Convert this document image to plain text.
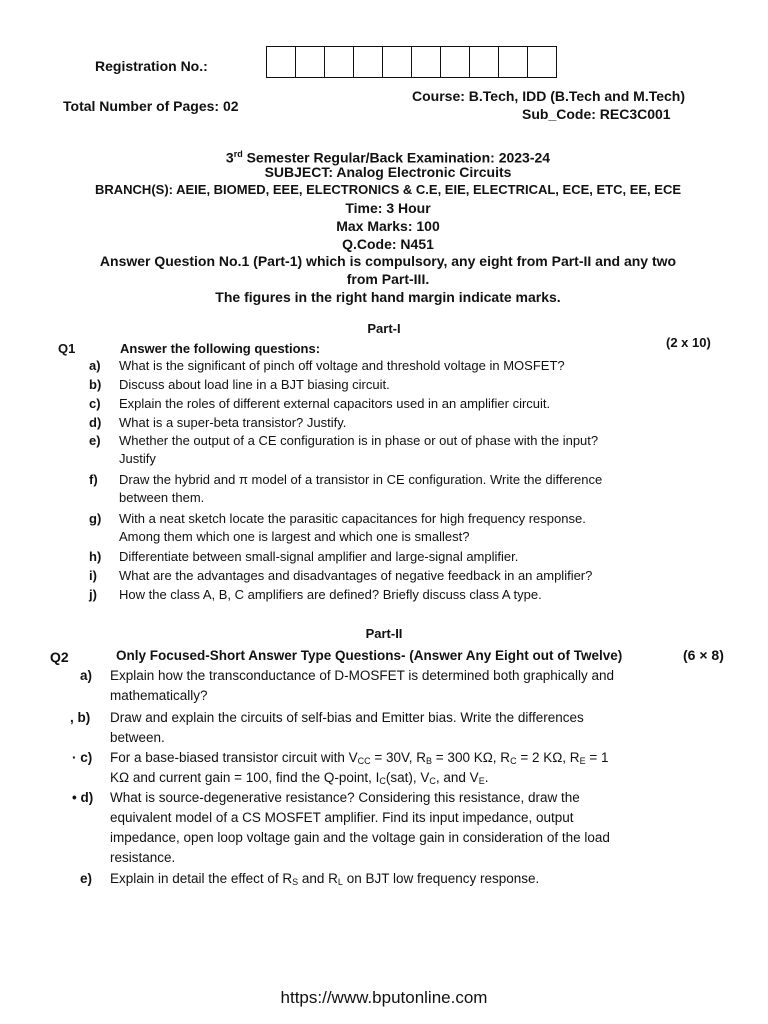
Registration No.:
Total Number of Pages: 02
Course: B.Tech, IDD (B.Tech and M.Tech)
Sub_Code: REC3C001
3rd Semester Regular/Back Examination: 2023-24
SUBJECT: Analog Electronic Circuits
BRANCH(S): AEIE, BIOMED, EEE, ELECTRONICS & C.E, EIE, ELECTRICAL, ECE, ETC, EE, ECE
Time: 3 Hour
Max Marks: 100
Q.Code: N451
Answer Question No.1 (Part-1) which is compulsory, any eight from Part-II and any two
from Part-III.
The figures in the right hand margin indicate marks.
Part-I
Q1	Answer the following questions:	(2 x 10)
a)	What is the significant of pinch off voltage and threshold voltage in MOSFET?
b)	Discuss about load line in a BJT biasing circuit.
c)	Explain the roles of different external capacitors used in an amplifier circuit.
d)	What is a super-beta transistor? Justify.
e)	Whether the output of a CE configuration is in phase or out of phase with the input?
Justify
f)	Draw the hybrid and π model of a transistor in CE configuration. Write the difference
between them.
g)	With a neat sketch locate the parasitic capacitances for high frequency response.
Among them which one is largest and which one is smallest?
h)	Differentiate between small-signal amplifier and large-signal amplifier.
i)	What are the advantages and disadvantages of negative feedback in an amplifier?
j)	How the class A, B, C amplifiers are defined? Briefly discuss class A type.
Part-II
Q2	Only Focused-Short Answer Type Questions- (Answer Any Eight out of Twelve)	(6 × 8)
a)	Explain how the transconductance of D-MOSFET is determined both graphically and
mathematically?
, b)	Draw and explain the circuits of self-bias and Emitter bias. Write the differences
between.
· c)	For a base-biased transistor circuit with $V_{CC} = 30V$, $R_B = 300$ KΩ, $R_C = 2$ KΩ, $R_E = 1$
KΩ and current gain = 100, find the Q-point, $I_C(sat)$, $V_C$, and $V_E$.
• d)	What is source-degenerative resistance? Considering this resistance, draw the
equivalent model of a CS MOSFET amplifier. Find its input impedance, output
impedance, open loop voltage gain and the voltage gain in consideration of the load
resistance.
e)	Explain in detail the effect of $R_S$ and $R_L$ on BJT low frequency response.
https://www.bputonline.com
